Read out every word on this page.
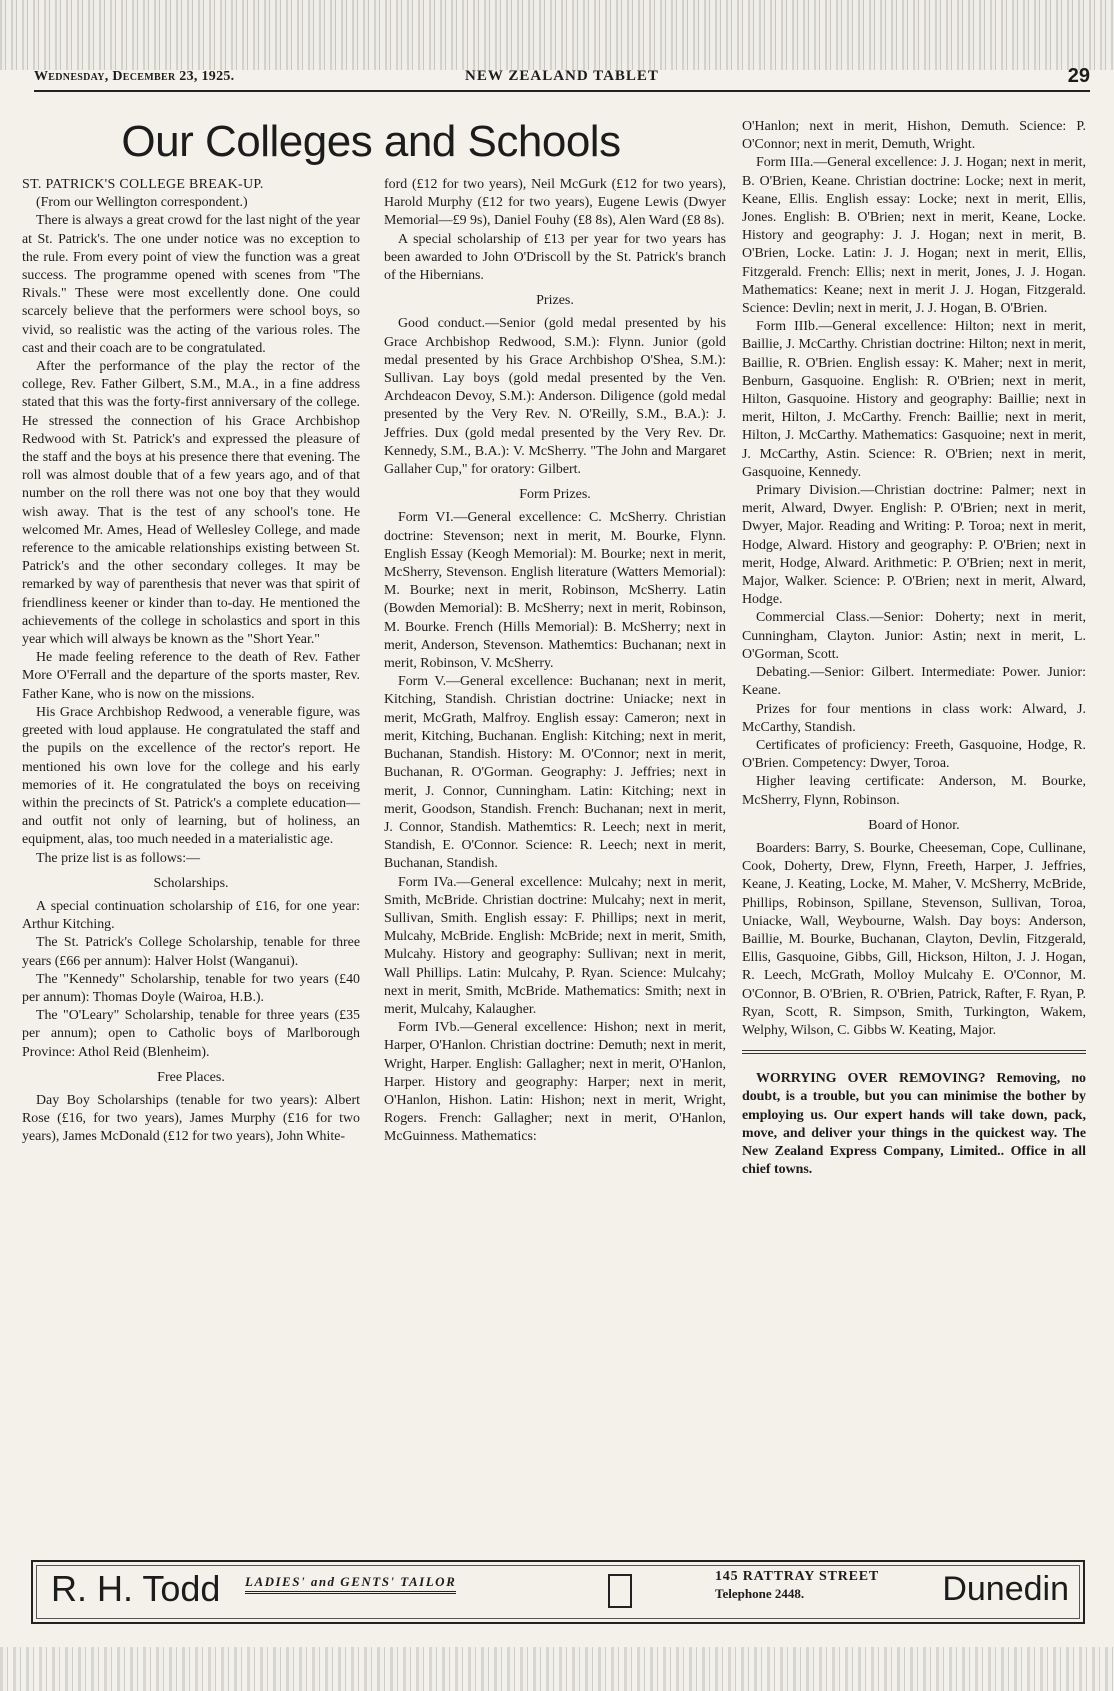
Wednesday, December 23, 1925.	NEW ZEALAND TABLET	29
Our Colleges and Schools

ST. PATRICK'S COLLEGE BREAK-UP.

(From our Wellington correspondent.)

There is always a great crowd for the last night of the year at St. Patrick's. The one under notice was no exception to the rule. From every point of view the function was a great success. The programme opened with scenes from "The Rivals." These were most excellently done. One could scarcely believe that the performers were school boys, so vivid, so realistic was the acting of the various roles. The cast and their coach are to be congratulated.

After the performance of the play the rector of the college, Rev. Father Gilbert, S.M., M.A., in a fine address stated that this was the forty-first anniversary of the college. He stressed the connection of his Grace Archbishop Redwood with St. Patrick's and expressed the pleasure of the staff and the boys at his presence there that evening. The roll was almost double that of a few years ago, and of that number on the roll there was not one boy that they would wish away. That is the test of any school's tone. He welcomed Mr. Ames, Head of Wellesley College, and made reference to the amicable relationships existing between St. Patrick's and the other secondary colleges. It may be remarked by way of parenthesis that never was that spirit of friendliness keener or kinder than to-day. He mentioned the achievements of the college in scholastics and sport in this year which will always be known as the "Short Year."

He made feeling reference to the death of Rev. Father More O'Ferrall and the departure of the sports master, Rev. Father Kane, who is now on the missions.

His Grace Archbishop Redwood, a venerable figure, was greeted with loud applause. He congratulated the staff and the pupils on the excellence of the rector's report. He mentioned his own love for the college and his early memories of it. He congratulated the boys on receiving within the precincts of St. Patrick's a complete education—and outfit not only of learning, but of holiness, an equipment, alas, too much needed in a materialistic age.

The prize list is as follows:—

Scholarships.

A special continuation scholarship of £16, for one year: Arthur Kitching.

The St. Patrick's College Scholarship, tenable for three years (£66 per annum): Halver Holst (Wanganui).

The "Kennedy" Scholarship, tenable for two years (£40 per annum): Thomas Doyle (Wairoa, H.B.).

The "O'Leary" Scholarship, tenable for three years (£35 per annum); open to Catholic boys of Marlborough Province: Athol Reid (Blenheim).

Free Places.

Day Boy Scholarships (tenable for two years): Albert Rose (£16, for two years), James Murphy (£16 for two years), James McDonald (£12 for two years), John White-

ford (£12 for two years), Neil McGurk (£12 for two years), Harold Murphy (£12 for two years), Eugene Lewis (Dwyer Memorial—£9 9s), Daniel Fouhy (£8 8s), Alen Ward (£8 8s).

A special scholarship of £13 per year for two years has been awarded to John O'Driscoll by the St. Patrick's branch of the Hibernians.

Prizes.

Good conduct.—Senior (gold medal presented by his Grace Archbishop Redwood, S.M.): Flynn. Junior (gold medal presented by his Grace Archbishop O'Shea, S.M.): Sullivan. Lay boys (gold medal presented by the Ven. Archdeacon Devoy, S.M.): Anderson. Diligence (gold medal presented by the Very Rev. N. O'Reilly, S.M., B.A.): J. Jeffries. Dux (gold medal presented by the Very Rev. Dr. Kennedy, S.M., B.A.): V. McSherry. "The John and Margaret Gallaher Cup," for oratory: Gilbert.

Form Prizes.

Form VI.—General excellence: C. McSherry. Christian doctrine: Stevenson; next in merit, M. Bourke, Flynn. English Essay (Keogh Memorial): M. Bourke; next in merit, McSherry, Stevenson. English literature (Watters Memorial): M. Bourke; next in merit, Robinson, McSherry. Latin (Bowden Memorial): B. McSherry; next in merit, Robinson, M. Bourke. French (Hills Memorial): B. McSherry; next in merit, Anderson, Stevenson. Mathemtics: Buchanan; next in merit, Robinson, V. McSherry.

Form V.—General excellence: Buchanan; next in merit, Kitching, Standish. Christian doctrine: Uniacke; next in merit, McGrath, Malfroy. English essay: Cameron; next in merit, Kitching, Buchanan. English: Kitching; next in merit, Buchanan, Standish. History: M. O'Connor; next in merit, Buchanan, R. O'Gorman. Geography: J. Jeffries; next in merit, J. Connor, Cunningham. Latin: Kitching; next in merit, Goodson, Standish. French: Buchanan; next in merit, J. Connor, Standish. Mathemtics: R. Leech; next in merit, Standish, E. O'Connor. Science: R. Leech; next in merit, Buchanan, Standish.

Form IVa.—General excellence: Mulcahy; next in merit, Smith, McBride. Christian doctrine: Mulcahy; next in merit, Sullivan, Smith. English essay: F. Phillips; next in merit, Mulcahy, McBride. English: McBride; next in merit, Smith, Mulcahy. History and geography: Sullivan; next in merit, Wall Phillips. Latin: Mulcahy, P. Ryan. Science: Mulcahy; next in merit, Smith, McBride. Mathematics: Smith; next in merit, Mulcahy, Kalaugher.

Form IVb.—General excellence: Hishon; next in merit, Harper, O'Hanlon. Christian doctrine: Demuth; next in merit, Wright, Harper. English: Gallagher; next in merit, O'Hanlon, Harper. History and geography: Harper; next in merit, O'Hanlon, Hishon. Latin: Hishon; next in merit, Wright, Rogers. French: Gallagher; next in merit, O'Hanlon, McGuinness. Mathematics:

O'Hanlon; next in merit, Hishon, Demuth. Science: P. O'Connor; next in merit, Demuth, Wright.

Form IIIa.—General excellence: J. J. Hogan; next in merit, B. O'Brien, Keane. Christian doctrine: Locke; next in merit, Keane, Ellis. English essay: Locke; next in merit, Ellis, Jones. English: B. O'Brien; next in merit, Keane, Locke. History and geography: J. J. Hogan; next in merit, B. O'Brien, Locke. Latin: J. J. Hogan; next in merit, Ellis, Fitzgerald. French: Ellis; next in merit, Jones, J. J. Hogan. Mathematics: Keane; next in merit J. J. Hogan, Fitzgerald. Science: Devlin; next in merit, J. J. Hogan, B. O'Brien.

Form IIIb.—General excellence: Hilton; next in merit, Baillie, J. McCarthy. Christian doctrine: Hilton; next in merit, Baillie, R. O'Brien. English essay: K. Maher; next in merit, Benburn, Gasquoine. English: R. O'Brien; next in merit, Hilton, Gasquoine. History and geography: Baillie; next in merit, Hilton, J. McCarthy. French: Baillie; next in merit, Hilton, J. McCarthy. Mathematics: Gasquoine; next in merit, J. McCarthy, Astin. Science: R. O'Brien; next in merit, Gasquoine, Kennedy.

Primary Division.—Christian doctrine: Palmer; next in merit, Alward, Dwyer. English: P. O'Brien; next in merit, Dwyer, Major. Reading and Writing: P. Toroa; next in merit, Hodge, Alward. History and geography: P. O'Brien; next in merit, Hodge, Alward. Arithmetic: P. O'Brien; next in merit, Major, Walker. Science: P. O'Brien; next in merit, Alward, Hodge.

Commercial Class.—Senior: Doherty; next in merit, Cunningham, Clayton. Junior: Astin; next in merit, L. O'Gorman, Scott.

Debating.—Senior: Gilbert. Intermediate: Power. Junior: Keane.

Prizes for four mentions in class work: Alward, J. McCarthy, Standish.

Certificates of proficiency: Freeth, Gasquoine, Hodge, R. O'Brien. Competency: Dwyer, Toroa.

Higher leaving certificate: Anderson, M. Bourke, McSherry, Flynn, Robinson.

Board of Honor.

Boarders: Barry, S. Bourke, Cheeseman, Cope, Cullinane, Cook, Doherty, Drew, Flynn, Freeth, Harper, J. Jeffries, Keane, J. Keating, Locke, M. Maher, V. McSherry, McBride, Phillips, Robinson, Spillane, Stevenson, Sullivan, Toroa, Uniacke, Wall, Weybourne, Walsh. Day boys: Anderson, Baillie, M. Bourke, Buchanan, Clayton, Devlin, Fitzgerald, Ellis, Gasquoine, Gibbs, Gill, Hickson, Hilton, J. J. Hogan, R. Leech, McGrath, Molloy Mulcahy E. O'Connor, M. O'Connor, B. O'Brien, R. O'Brien, Patrick, Rafter, F. Ryan, P. Ryan, Scott, R. Simpson, Smith, Turkington, Wakem, Welphy, Wilson, C. Gibbs W. Keating, Major.

WORRYING OVER REMOVING? Removing, no doubt, is a trouble, but you can minimise the bother by employing us. Our expert hands will take down, pack, move, and deliver your things in the quickest way. The New Zealand Express Company, Limited.. Office in all chief towns.

R. H. Todd LADIES' and GENTS' TAILOR	145 RATTRAY STREET
Telephone 2448.	Dunedin
